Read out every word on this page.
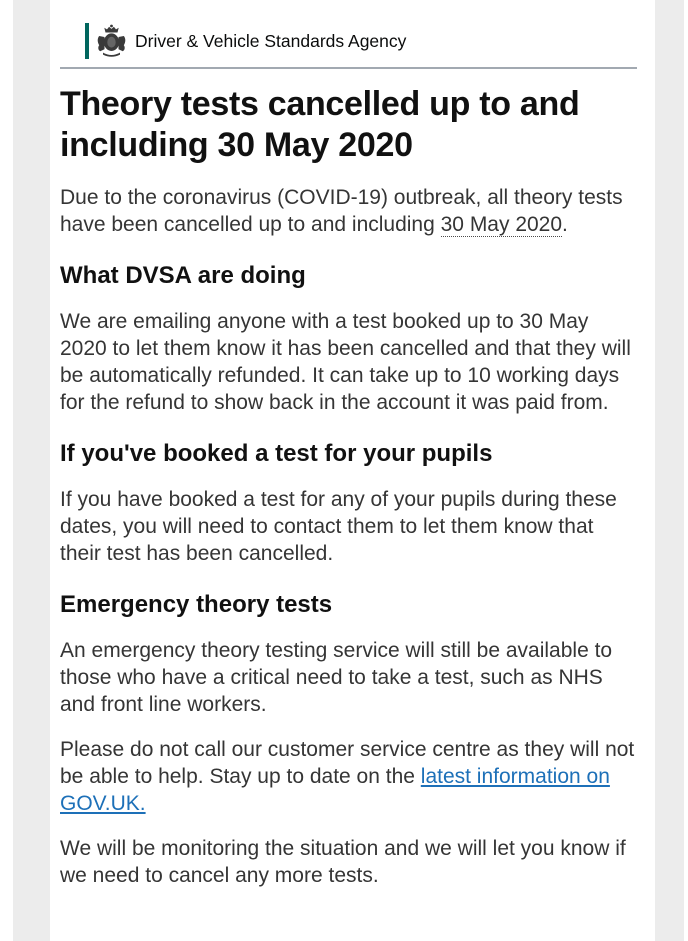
Driver & Vehicle Standards Agency
Theory tests cancelled up to and including 30 May 2020

Due to the coronavirus (COVID-19) outbreak, all theory tests have been cancelled up to and including 30 May 2020.

What DVSA are doing

We are emailing anyone with a test booked up to 30 May 2020 to let them know it has been cancelled and that they will be automatically refunded. It can take up to 10 working days for the refund to show back in the account it was paid from.

If you've booked a test for your pupils

If you have booked a test for any of your pupils during these dates, you will need to contact them to let them know that their test has been cancelled.

Emergency theory tests

An emergency theory testing service will still be available to those who have a critical need to take a test, such as NHS and front line workers.

Please do not call our customer service centre as they will not be able to help. Stay up to date on the latest information on GOV.UK.

We will be monitoring the situation and we will let you know if we need to cancel any more tests.
